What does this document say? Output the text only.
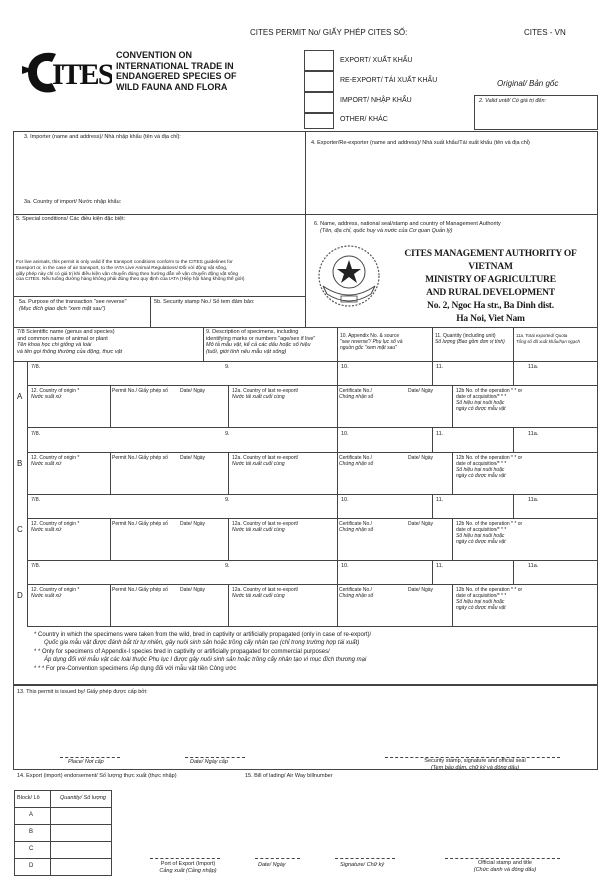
CITES PERMIT No/ GIẤY PHÉP CITES SỐ:	CITES - VN
ITES
CONVENTION ON
INTERNATIONAL TRADE IN
ENDANGERED SPECIES OF
WILD FAUNA AND FLORA
EXPORT/ XUẤT KHẨU
RE-EXPORT/ TÁI XUẤT KHẨU
IMPORT/ NHẬP KHẨU
OTHER/ KHÁC
Original/ Bản gốc
2. Valid until/ Có giá trị đến:
3. Importer (name and address)/ Nhà nhập khẩu (tên và địa chỉ):
3a. Country of import/ Nước nhập khẩu:
4. Exporter/Re-exporter (name and address)/ Nhà xuất khẩu/Tái xuất khẩu (tên và địa chỉ)
5. Special conditions/ Các điều kiện đặc biệt:
For live animals, this permit is only valid if the transport conditions conform to the CITES guidelines for
transport or, in the case of air transport, to the IATA Live Animal Regulations/ Đối với động vật sống,
giấy phép này chỉ có giá trị khi điều kiện vận chuyển đúng theo hướng dẫn về vận chuyển động vật sống
của CITES. Nếu tuống đường hàng không phải đúng theo quy định của IATA (Hiệp hội hàng không thế giới)
5a. Purpose of the transaction "see reverse"
(Mục đích giao dịch "xem mặt sau")
5b. Security stamp No./ Số tem đảm bảo:
6. Name, address, national seal/stamp and country of Management Authority
(Tên, địa chỉ, quốc huy và nước của Cơ quan Quản lý)
CITES MANAGEMENT AUTHORITY OF VIETNAM
MINISTRY OF AGRICULTURE
AND RURAL DEVELOPMENT
No. 2, Ngoc Ha str., Ba Dinh dist.
Ha Noi, Viet Nam
7/8 Scientific name (genus and species)
and common name of animal or plant
Tên khoa học chi giống và loài
và tên gọi thông thường của động, thực vật
9. Description of specimens, including
identifying marks or numbers "age/sex if live"
Mô tả mẫu vật, kể cả các dấu hoặc số hiệu
(tuổi, giới tính nếu mẫu vật sống)
10. Appendix No. & source
"see reverse"/ Phụ lục số và
nguồn gốc "xem mặt sau"
11. Quantity (including unit)
Số lượng (Bao gồm đơn vị tính)
11a. Total exported/ Quota
Tổng số đã xuất khẩu/hạn ngạch
A
7/8.	9.	10.	11.	11a.
12. Country of origin *
Nước xuất xứ
Permit No./ Giấy phép số Date/ Ngày	12a. Country of last re-export/
Nước tái xuất cuối cùng
Certificate No./
Chứng nhận số
Date/ Ngày	12b No. of the operation * * or
date of acquisition/* * *
Số hiệu trại nuôi hoặc
ngày có được mẫu vật
B
7/8.	9.	10.	11.	11a.
12. Country of origin *
Nước xuất xứ
Permit No./ Giấy phép số Date/ Ngày	12a. Country of last re-export/
Nước tái xuất cuối cùng
Certificate No./
Chứng nhận số
Date/ Ngày	12b No. of the operation * * or
date of acquisition/* * *
Số hiệu trại nuôi hoặc
ngày có được mẫu vật
C
7/8.	9.	10.	11.	11a.
12. Country of origin *
Nước xuất xứ
Permit No./ Giấy phép số Date/ Ngày	12a. Country of last re-export/
Nước tái xuất cuối cùng
Certificate No./
Chứng nhận số
Date/ Ngày	12b No. of the operation * * or
date of acquisition/* * *
Số hiệu trại nuôi hoặc
ngày có được mẫu vật
D
7/8.	9.	10.	11.	11a.
12. Country of origin *
Nước xuất xứ
Permit No./ Giấy phép số Date/ Ngày	12a. Country of last re-export/
Nước tái xuất cuối cùng
Certificate No./
Chứng nhận số
Date/ Ngày	12b No. of the operation * * or
date of acquisition/* * *
Số hiệu trại nuôi hoặc
ngày có được mẫu vật
* Country in which the specimens were taken from the wild, bred in captivity or artificially propagated (only in case of re-export)/
Quốc gia mẫu vật được đánh bắt từ tự nhiên, gây nuôi sinh sản hoặc trồng cấy nhân tạo (chỉ trong trường hợp tái xuất)
* * Only for specimens of Appendix-I species bred in captivity or artificially propagated for commercial purposes/
Áp dụng đối với mẫu vật các loài thuộc Phụ lục I được gây nuôi sinh sản hoặc trồng cấy nhân tạo vì mục đích thương mại
* * * For pre-Convention specimens /Áp dụng đối với mẫu vật tiền Công ước
13. This permit is issued by/ Giấy phép được cấp bởi:
Place/ Nơi cấp	Date/ Ngày cấp	Security stamp, signature and official seal
(Tem bảo đảm, chữ ký và đóng dấu)
14. Export (import) endorsement/ Số lượng thực xuất (thực nhập)	15. Bill of lading/ Air Way billnumber
Block/ Lô	Quantity/ Số lượng
A
B
C
D	Port of Export (Import)
Cảng xuất (Cảng nhập)
Date/ Ngày	Signature/ Chữ ký	Official stamp and title
(Chức danh và đóng dấu)
